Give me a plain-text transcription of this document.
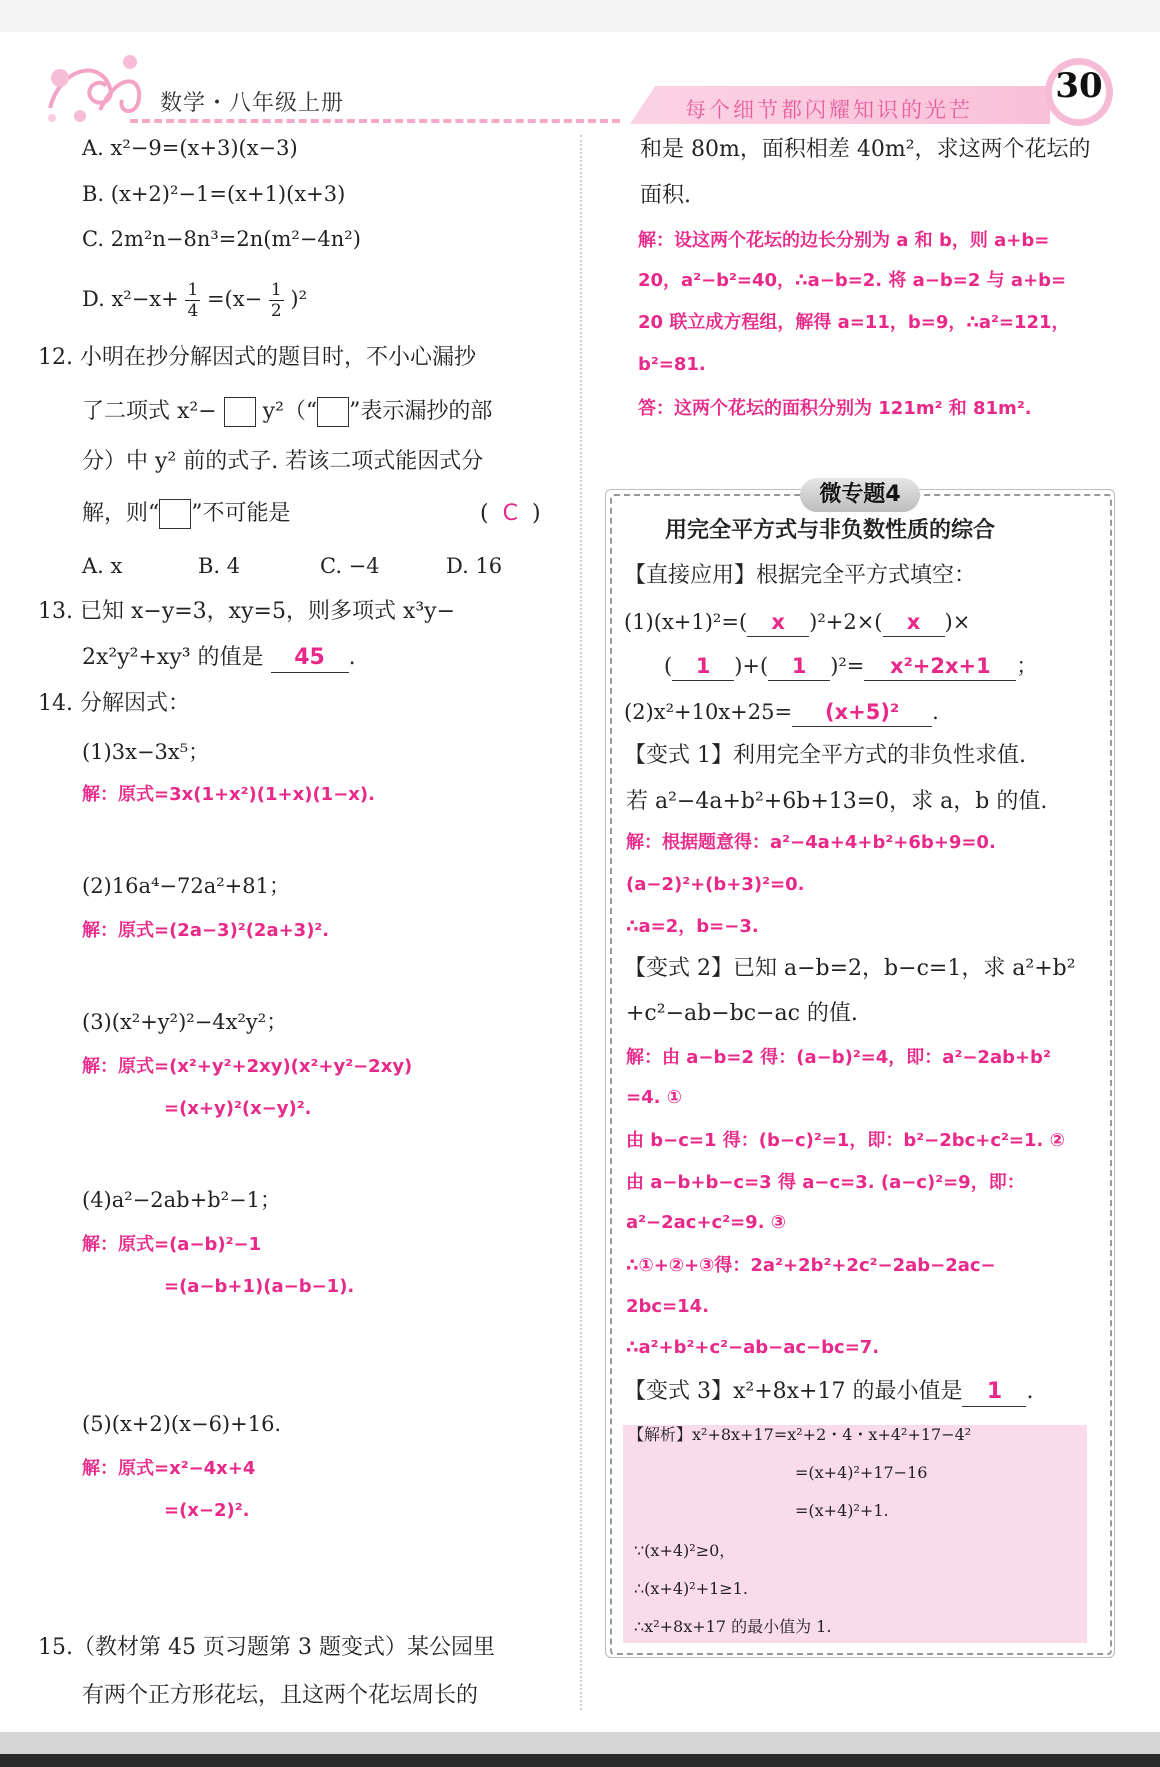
数学・八年级上册	每个细节都闪耀知识的光芒
30
A. x²−9=(x+3)(x−3)
B. (x+2)²−1=(x+1)(x+3)
C. 2m²n−8n³=2n(m²−4n²)
D. $x^2-x+ \frac{1}{4} =(x- \frac{1}{2} )^2$
12. 小明在抄分解因式的题目时，不小心漏抄
了二项式 x²− y²（“ ”表示漏抄的部
分）中 y² 前的式子. 若该二项式能因式分
解，则“ ”不可能是	(  C  )
A. x	B. 4	C. −4	D. 16
13. 已知 x−y=3，xy=5，则多项式 x³y−
2x²y²+xy³ 的值是 45 .
14. 分解因式：
(1)3x−3x⁵；
解：原式=3x(1+x²)(1+x)(1−x).
(2)16a⁴−72a²+81；
解：原式=(2a−3)²(2a+3)².
(3)(x²+y²)²−4x²y²；
解：原式=(x²+y²+2xy)(x²+y²−2xy)
=(x+y)²(x−y)².
(4)a²−2ab+b²−1；
解：原式=(a−b)²−1
=(a−b+1)(a−b−1).
(5)(x+2)(x−6)+16.
解：原式=x²−4x+4
=(x−2)².
15.（教材第 45 页习题第 3 题变式）某公园里
有两个正方形花坛，且这两个花坛周长的
和是 80m，面积相差 40m²，求这两个花坛的
面积.
解：设这两个花坛的边长分别为 a 和 b，则 a+b=
20，a²−b²=40，∴a−b=2. 将 a−b=2 与 a+b=
20 联立成方程组，解得 a=11，b=9，∴a²=121，
b²=81.
答：这两个花坛的面积分别为 121m² 和 81m².
微专题4
用完全平方式与非负数性质的综合
【直接应用】根据完全平方式填空：
(1)(x+1)²=( x )²+2×( x )×
( 1 )+( 1 )²= x²+2x+1 ；
(2)x²+10x+25= (x+5)² .
【变式 1】利用完全平方式的非负性求值.
若 a²−4a+b²+6b+13=0，求 a，b 的值.
解：根据题意得：a²−4a+4+b²+6b+9=0.
(a−2)²+(b+3)²=0.
∴a=2，b=−3.
【变式 2】已知 a−b=2，b−c=1，求 a²+b²
+c²−ab−bc−ac 的值.
解：由 a−b=2 得：(a−b)²=4，即：a²−2ab+b²
=4. ①
由 b−c=1 得：(b−c)²=1，即：b²−2bc+c²=1. ②
由 a−b+b−c=3 得 a−c=3. (a−c)²=9，即：
a²−2ac+c²=9. ③
∴①+②+③得：2a²+2b²+2c²−2ab−2ac−
2bc=14.
∴a²+b²+c²−ab−ac−bc=7.
【变式 3】x²+8x+17 的最小值是 1 .
【解析】x²+8x+17=x²+2・4・x+4²+17−4²
=(x+4)²+17−16
=(x+4)²+1.
∵(x+4)²≥0，
∴(x+4)²+1≥1.
∴x²+8x+17 的最小值为 1.
